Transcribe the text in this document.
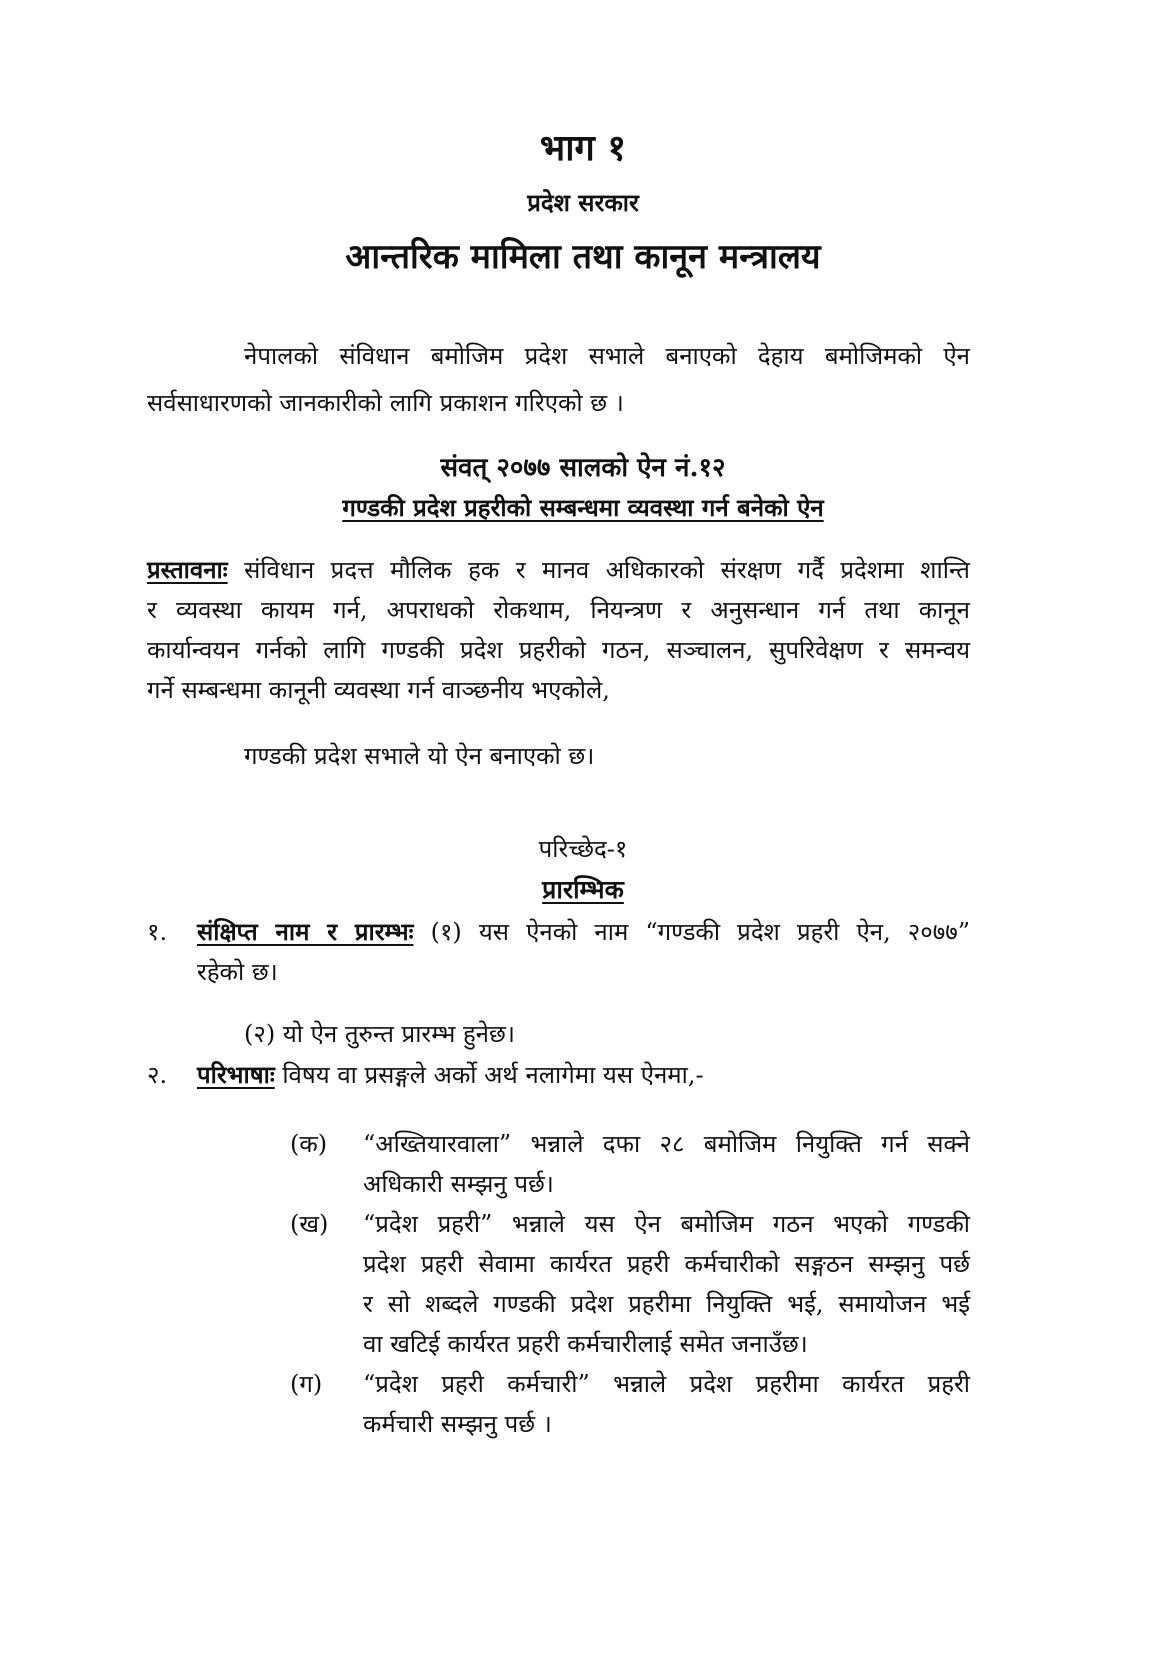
भाग १
प्रदेश सरकार
आन्तरिक मामिला तथा कानून मन्त्रालय
नेपालको संविधान बमोजिम प्रदेश सभाले बनाएको देहाय बमोजिमको ऐन
सर्वसाधारणको जानकारीको लागि प्रकाशन गरिएको छ ।
संवत् २०७७ सालको ऐन नं.१२
गण्डकी प्रदेश प्रहरीको सम्बन्धमा व्यवस्था गर्न बनेको ऐन
प्रस्तावनाः संविधान प्रदत्त मौलिक हक र मानव अधिकारको संरक्षण गर्दै प्रदेशमा शान्ति
र व्यवस्था कायम गर्न, अपराधको रोकथाम, नियन्त्रण र अनुसन्धान गर्न तथा कानून
कार्यान्वयन गर्नको लागि गण्डकी प्रदेश प्रहरीको गठन, सञ्चालन, सुपरिवेक्षण र समन्वय
गर्ने सम्बन्धमा कानूनी व्यवस्था गर्न वाञ्छनीय भएकोले,
गण्डकी प्रदेश सभाले यो ऐन बनाएको छ।
परिच्छेद-१
प्रारम्भिक
१. संक्षिप्त नाम र प्रारम्भः (१) यस ऐनको नाम “गण्डकी प्रदेश प्रहरी ऐन, २०७७”
रहेको छ।
(२) यो ऐन तुरुन्त प्रारम्भ हुनेछ।
२. परिभाषाः विषय वा प्रसङ्गले अर्को अर्थ नलागेमा यस ऐनमा,-
(क) “अख्तियारवाला” भन्नाले दफा २८ बमोजिम नियुक्ति गर्न सक्ने
अधिकारी सम्झनु पर्छ।
(ख) “प्रदेश प्रहरी” भन्नाले यस ऐन बमोजिम गठन भएको गण्डकी
प्रदेश प्रहरी सेवामा कार्यरत प्रहरी कर्मचारीको सङ्गठन सम्झनु पर्छ
र सो शब्दले गण्डकी प्रदेश प्रहरीमा नियुक्ति भई, समायोजन भई
वा खटिई कार्यरत प्रहरी कर्मचारीलाई समेत जनाउँछ।
(ग) “प्रदेश प्रहरी कर्मचारी” भन्नाले प्रदेश प्रहरीमा कार्यरत प्रहरी
कर्मचारी सम्झनु पर्छ ।
